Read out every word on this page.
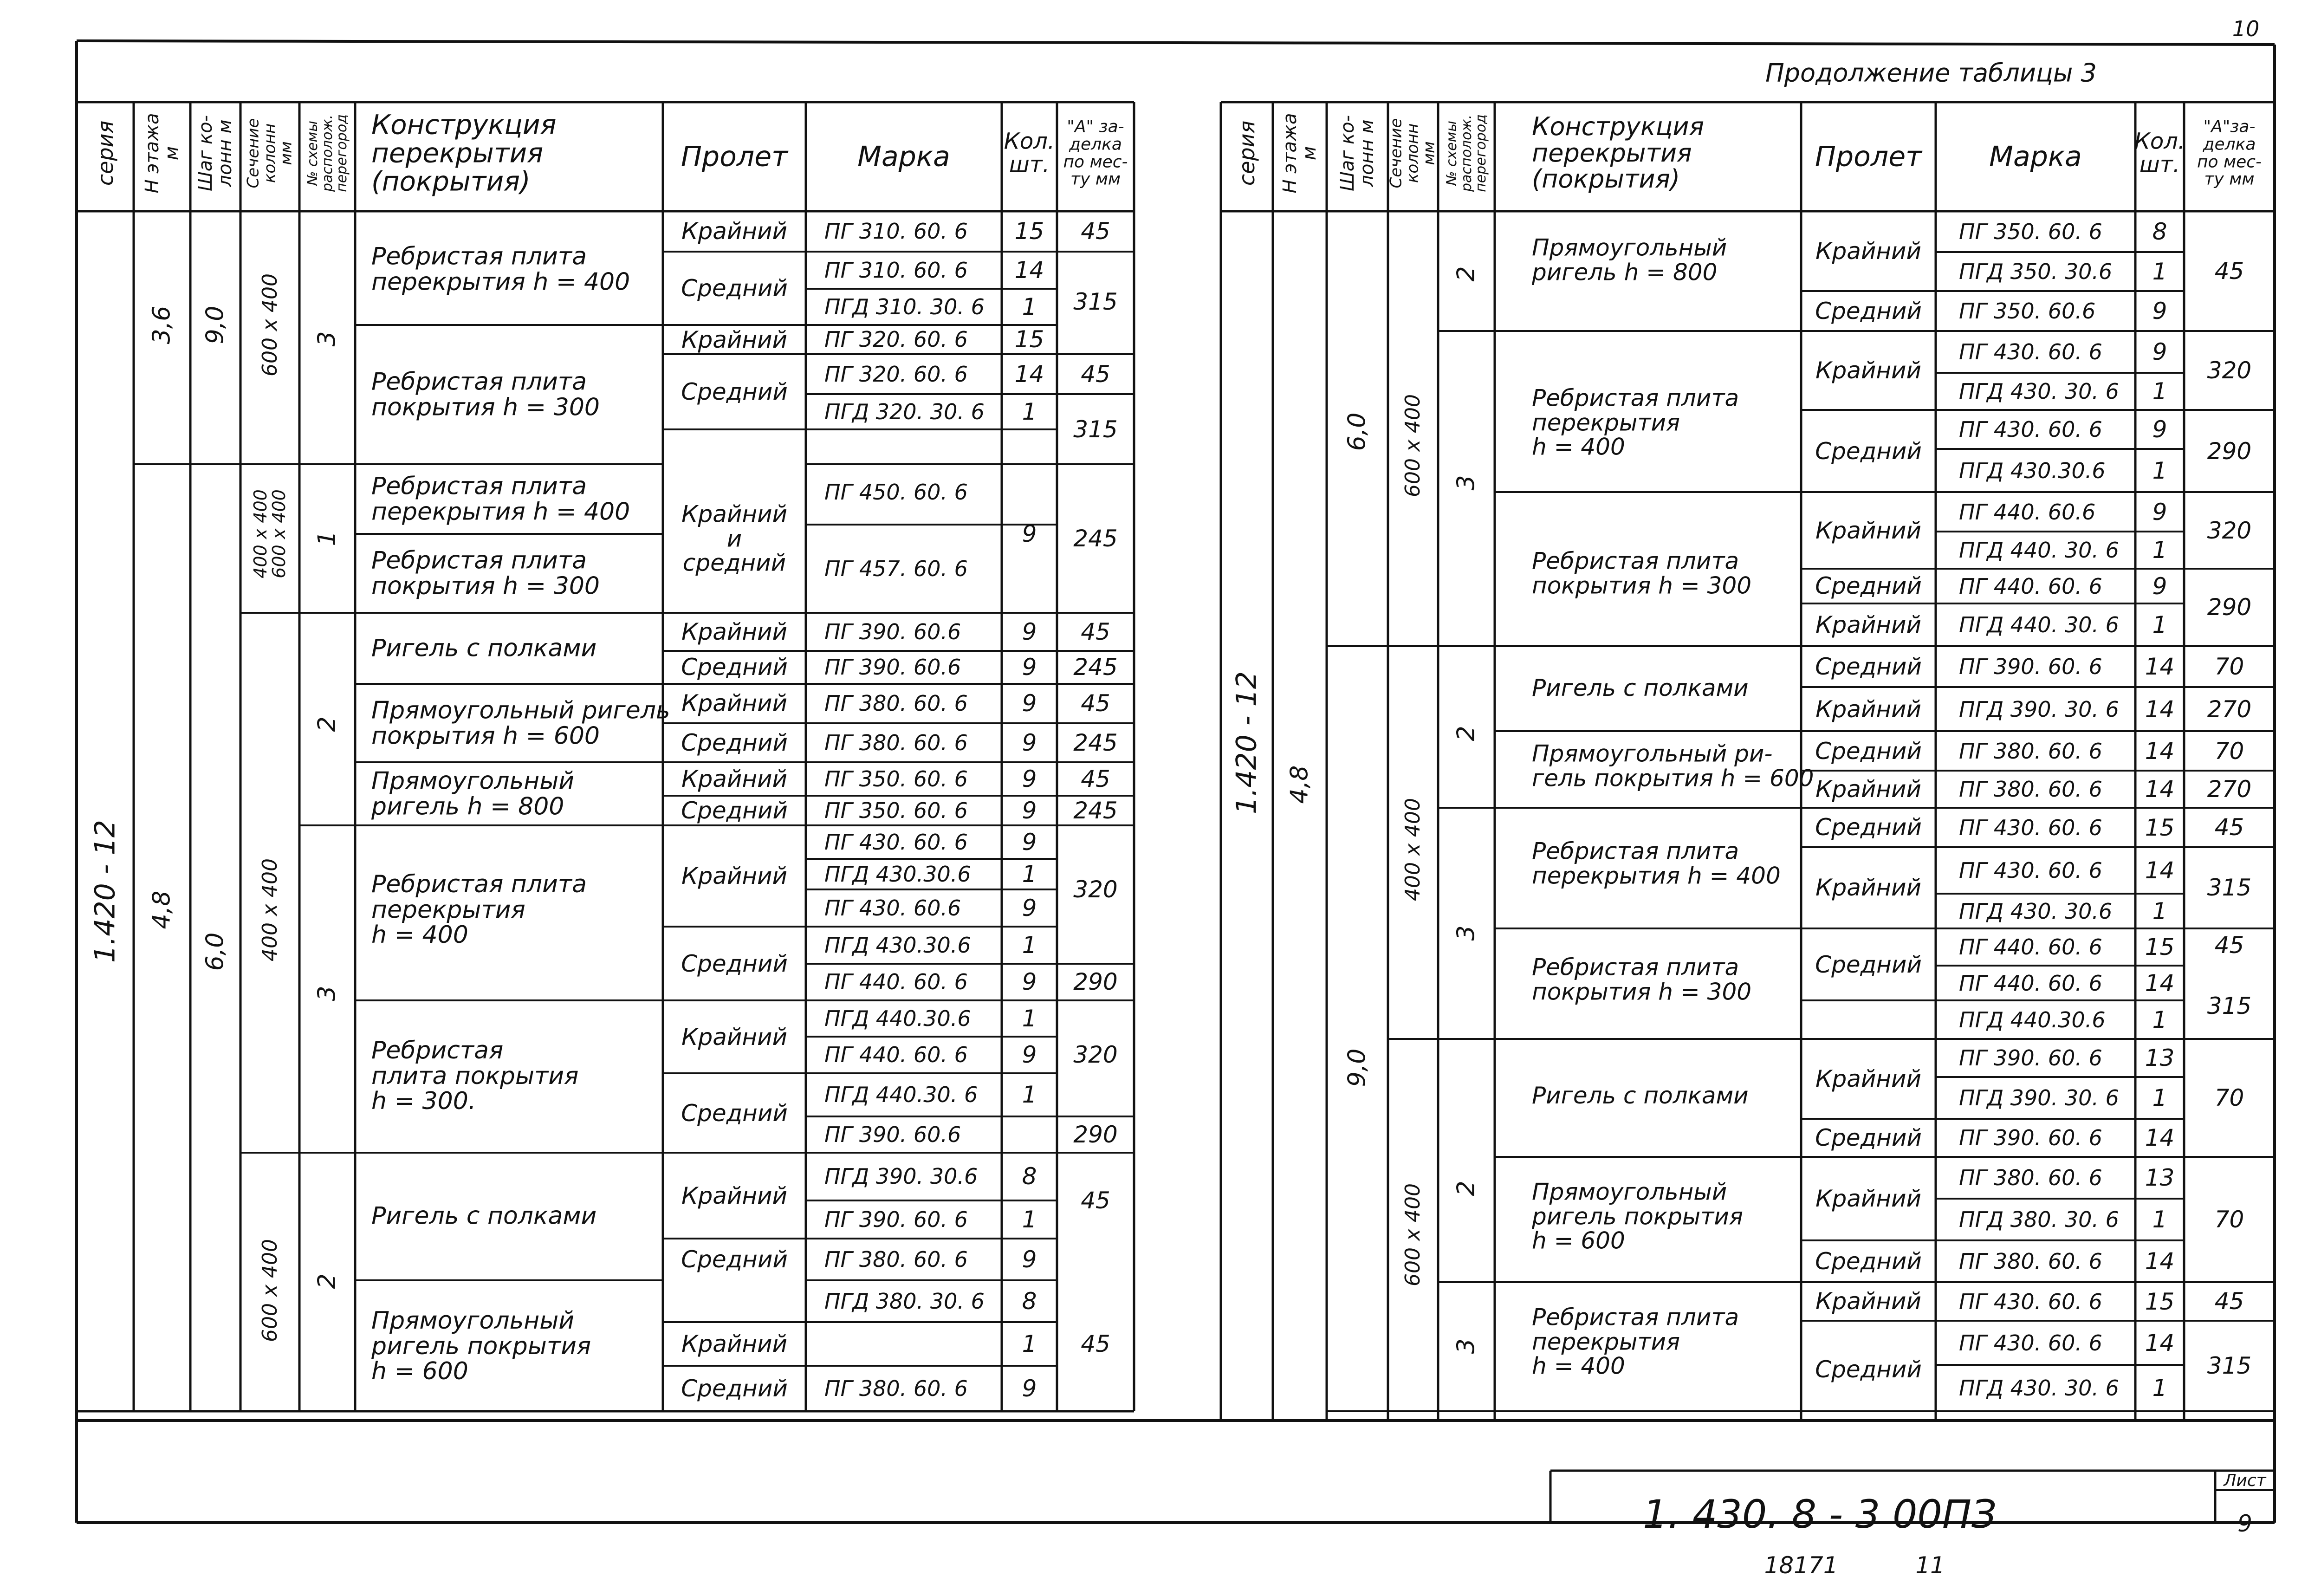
10
Продолжение таблицы 3
1. 430. 8 - 3 00ПЗ
Лист
9
18171	11
серия
Н этажа
м Шаг ко-
лонн м Сечение
колонн
мм
№ схемы
располож.
перегород Конструкция
перекрытия
(покрытия)
Пролет	Марка Кол.
шт.
"А" за-
делка
по мес-
ту мм
1.420 - 12
3,6
4,8
9,0
6,0
600 x 400
400 x 400
600 x 400
400 x 400
600 x 400
3
1
2
3
2
Ребристая плита
перекрытия h = 400
Ребристая плита
покрытия h = 300
Ребристая плита
перекрытия h = 400
Ребристая плита
покрытия h = 300
Ригель с полками
Прямоугольный ригель
покрытия h = 600
Прямоугольный
ригель h = 800
Ребристая плита
перекрытия
h = 400
Ребристая
плита покрытия
h = 300.
Ригель с полками
Прямоугольный
ригель покрытия
h = 600
Крайний
Средний
Крайний
Средний
Крайний
и
средний
Крайний
Средний
Крайний
Средний
Крайний
Средний
Крайний
Средний
Крайний
Средний
Крайний
Средний
Крайний
Средний
ПГ 310. 60. 6
ПГ 310. 60. 6
ПГД 310. 30. 6
ПГ 320. 60. 6
ПГ 320. 60. 6
ПГД 320. 30. 6
ПГ 450. 60. 6
ПГ 457. 60. 6
ПГ 390. 60.6
ПГ 390. 60.6
ПГ 380. 60. 6
ПГ 380. 60. 6
ПГ 350. 60. 6
ПГ 350. 60. 6
ПГ 430. 60. 6
ПГД 430.30.6
ПГ 430. 60.6
ПГД 430.30.6
ПГ 440. 60. 6
ПГД 440.30.6
ПГ 440. 60. 6
ПГД 440.30. 6
ПГ 390. 60.6
ПГД 390. 30.6
ПГ 390. 60. 6
ПГ 380. 60. 6
ПГД 380. 30. 6
ПГ 380. 60. 6
15
14
1
15
14
1
9
9
9
9
9
9
9
9
1
9
1
9
1
9
1
8
1
9
8
1
9
45
315
45
315
245
45
245
45
245
45
245
320
290
320
290
45
45
серия
Н этажа
м Шаг ко-
лонн м Сечение
колонн
мм
№ схемы
располож.
перегород Конструкция
перекрытия
(покрытия)
Пролет Марка Кол.
шт.
"А"за-
делка
по мес-
ту мм
1.420 - 12 4,8
6,0
9,0
600 x 400
400 x 400
600 x 400
2
3
2
3
2
3
Прямоугольный
ригель h = 800
Ребристая плита
перекрытия
h = 400
Ребристая плита
покрытия h = 300
Ригель с полками
Прямоугольный ри-
гель покрытия h = 600
Ребристая плита
перекрытия h = 400
Ребристая плита
покрытия h = 300
Ригель с полками
Прямоугольный
ригель покрытия
h = 600
Ребристая плита
перекрытия
h = 400
Крайний
Средний
Крайний
Средний
Крайний
Средний
Крайний
Средний
Крайний
Средний
Крайний
Средний
Крайний
Средний
Крайний
Средний
Крайний
Средний
Крайний
Средний
ПГ 350. 60. 6 8
ПГД 350. 30.6 1
ПГ 350. 60.6 9
ПГ 430. 60. 6 9
ПГД 430. 30. 6 1
ПГ 430. 60. 6 9
ПГД 430.30.6 1
ПГ 440. 60.6 9
ПГД 440. 30. 6 1
ПГ 440. 60. 6 9
ПГД 440. 30. 6 1
ПГ 390. 60. 6 14
ПГД 390. 30. 6 14
ПГ 380. 60. 6 14
ПГ 380. 60. 6 14
ПГ 430. 60. 6 15
ПГ 430. 60. 6 14
ПГД 430. 30.6 1
ПГ 440. 60. 6 15
ПГ 440. 60. 6 14
ПГД 440.30.6 1
ПГ 390. 60. 6 13
ПГД 390. 30. 6 1
ПГ 390. 60. 6 14
ПГ 380. 60. 6 13
ПГД 380. 30. 6 1
ПГ 380. 60. 6 14
ПГ 430. 60. 6 15
ПГ 430. 60. 6 14
ПГД 430. 30. 6 1
45
320
290
320
290
70
270
70
270
45
315
45
315
70
70
45
315
